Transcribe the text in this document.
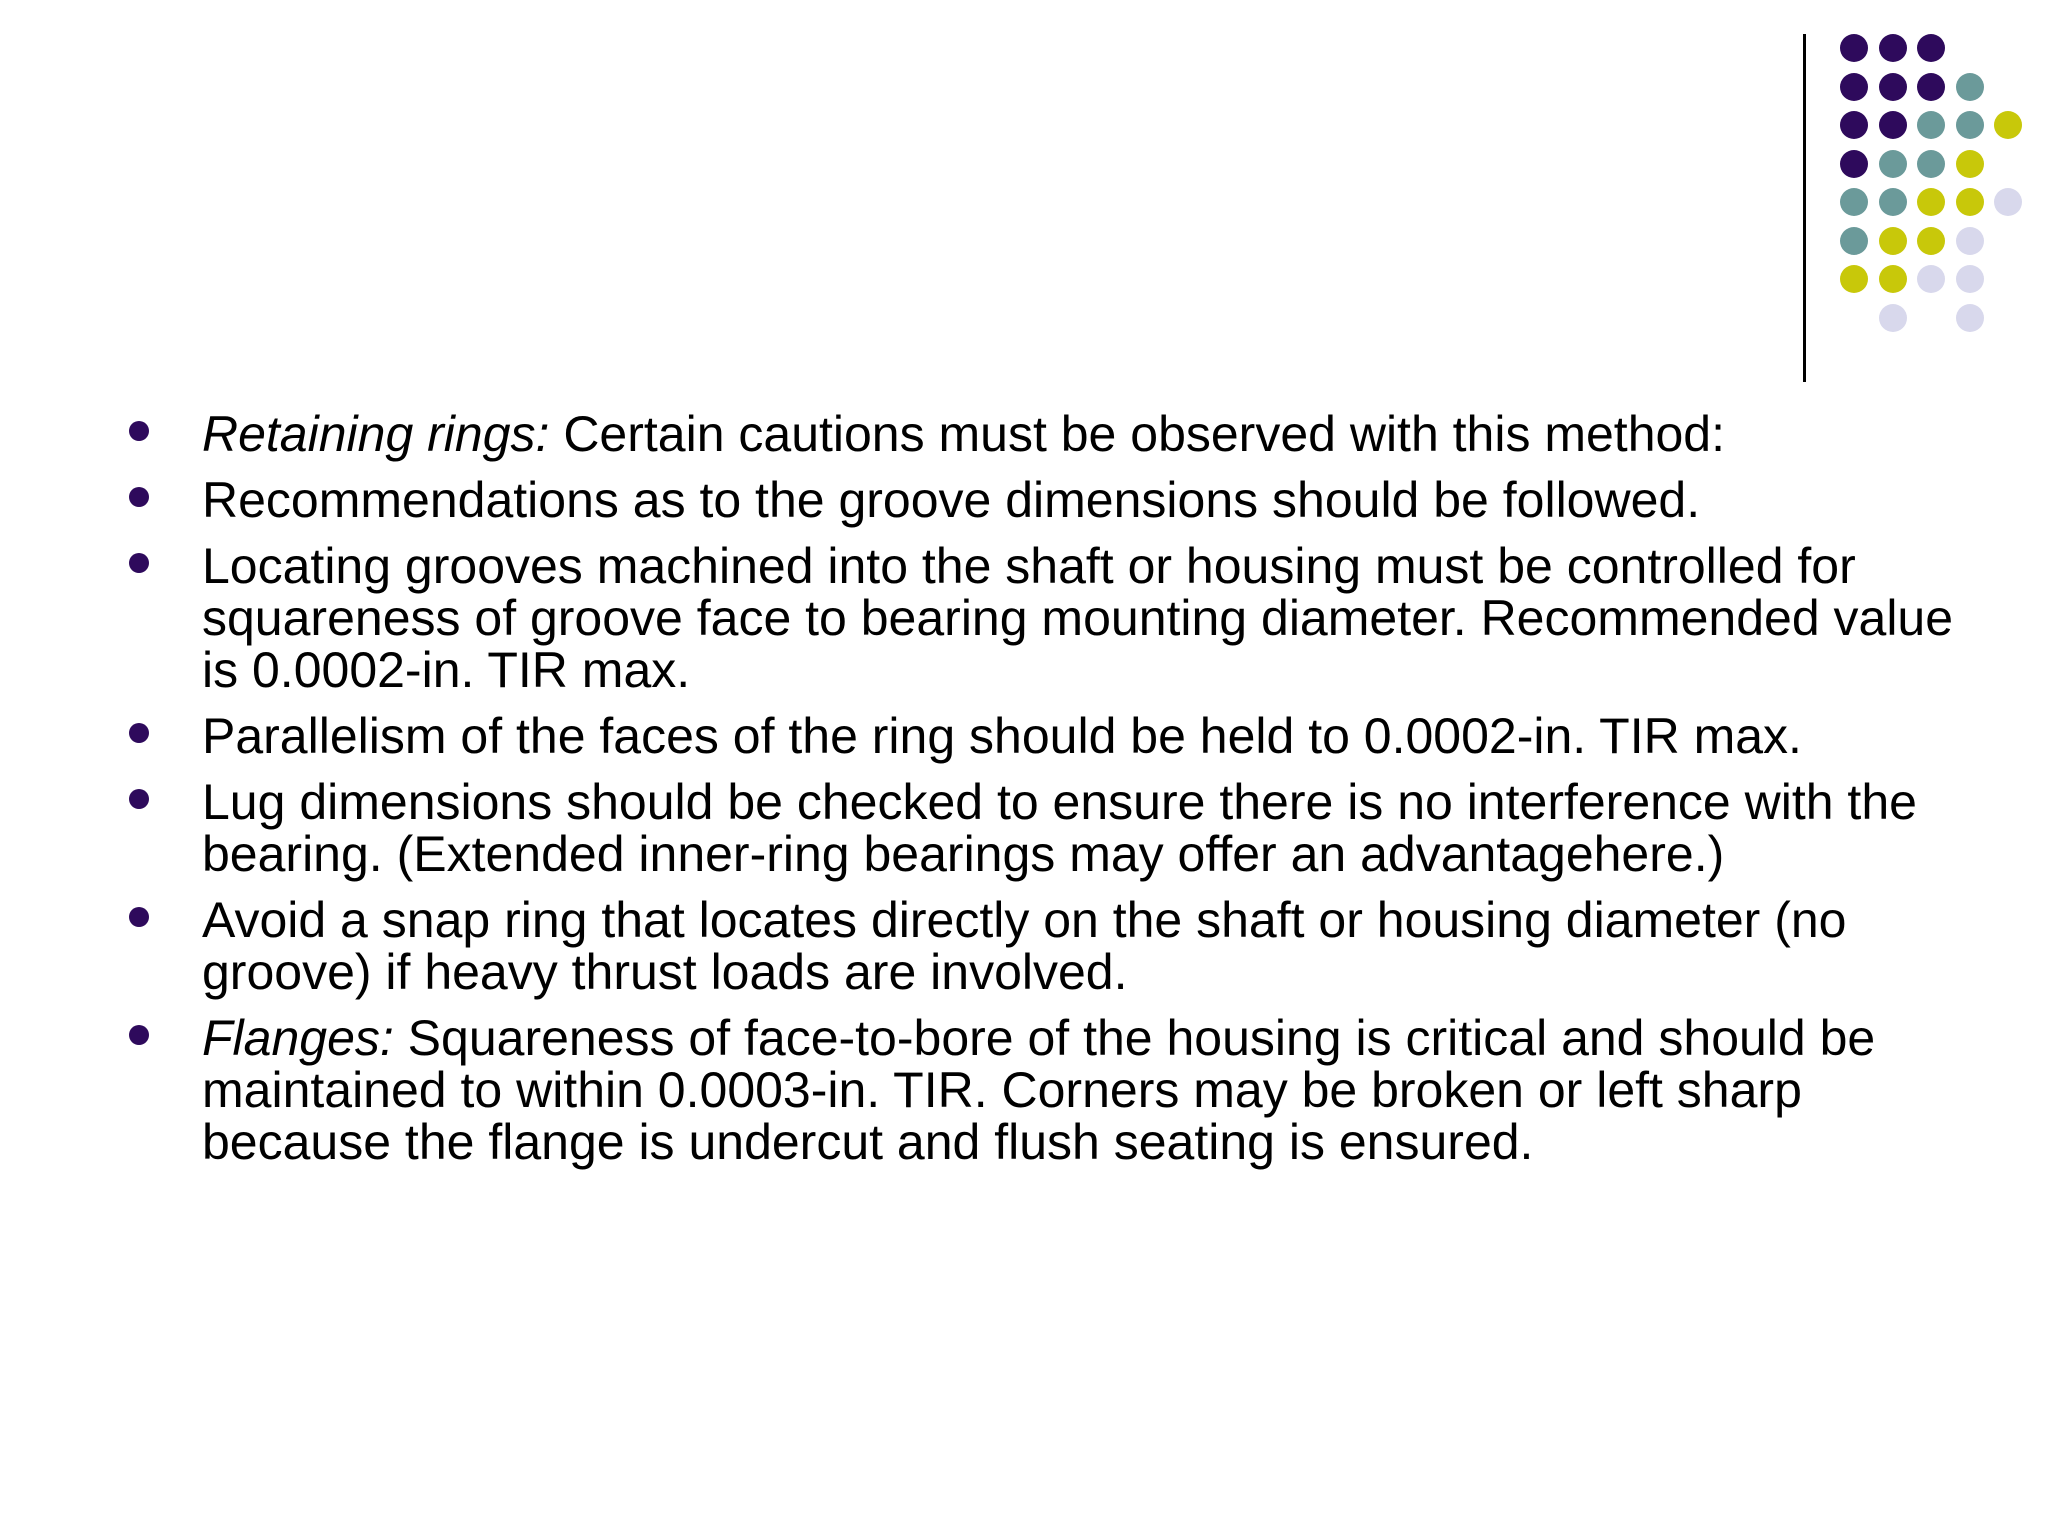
Retaining rings: Certain cautions must be observed with this method:
Recommendations as to the groove dimensions should be followed.
Locating grooves machined into the shaft or housing must be controlled for squareness of groove face to bearing mounting diameter. Recommended value is 0.0002-in. TIR max.
Parallelism of the faces of the ring should be held to 0.0002-in. TIR max.
Lug dimensions should be checked to ensure there is no interference with the bearing. (Extended inner-ring bearings may offer an advantagehere.)
Avoid a snap ring that locates directly on the shaft or housing diameter (no groove) if heavy thrust loads are involved.
Flanges: Squareness of face-to-bore of the housing is critical and should be maintained to within 0.0003-in. TIR. Corners may be broken or left sharp because the flange is undercut and flush seating is ensured.
